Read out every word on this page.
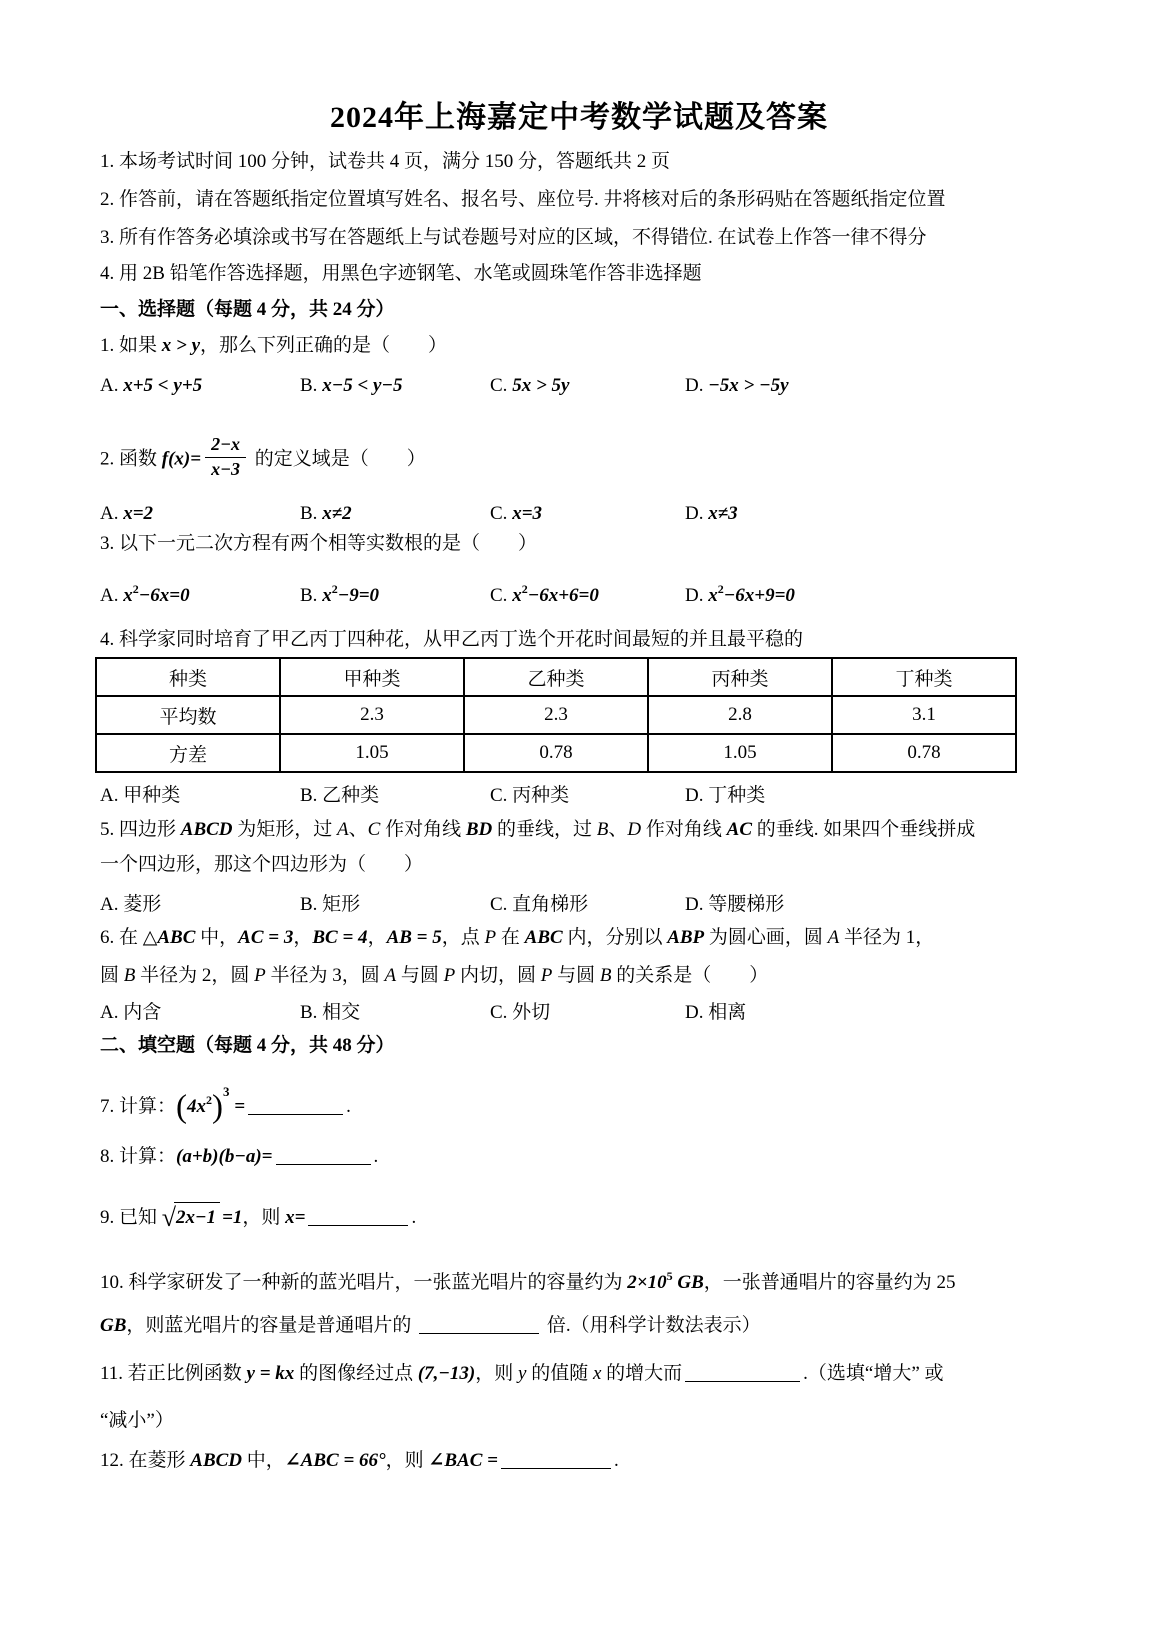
2024年上海嘉定中考数学试题及答案
1. 本场考试时间 100 分钟，试卷共 4 页，满分 150 分，答题纸共 2 页
2. 作答前，请在答题纸指定位置填写姓名、报名号、座位号. 井将核对后的条形码贴在答题纸指定位置
3. 所有作答务必填涂或书写在答题纸上与试卷题号对应的区域，不得错位. 在试卷上作答一律不得分
4. 用 2B 铅笔作答选择题，用黑色字迹钢笔、水笔或圆珠笔作答非选择题
一、选择题（每题 4 分，共 24 分）
1. 如果 x > y，那么下列正确的是（　　）
A. x+5 < y+5	B. x−5 < y−5	C. 5x > 5y	D. −5x > −5y
2. 函数 $f(x)= \frac{2-x}{x-3}$ 的定义域是（　　）
A. x=2	B. x≠2	C. x=3	D. x≠3
3. 以下一元二次方程有两个相等实数根的是（　　）
A. $x^2-6x=0$	B. $x^2-9=0$	C. $x^2-6x+6=0$	D. $x^2-6x+9=0$
4. 科学家同时培育了甲乙丙丁四种花，从甲乙丙丁选个开花时间最短的并且最平稳的
种类	甲种类	乙种类	丙种类	丁种类
平均数	2.3	2.3	2.8	3.1
方差	1.05	0.78	1.05	0.78
A. 甲种类	B. 乙种类	C. 丙种类	D. 丁种类
5. 四边形 ABCD 为矩形，过 A、C 作对角线 BD 的垂线，过 B、D 作对角线 AC 的垂线. 如果四个垂线拼成
一个四边形，那这个四边形为（　　）
A. 菱形	B. 矩形	C. 直角梯形	D. 等腰梯形
6. 在 △ABC 中，AC = 3，BC = 4，AB = 5，点 P 在 ABC 内，分别以 ABP 为圆心画，圆 A 半径为 1，
圆 B 半径为 2，圆 P 半径为 3，圆 A 与圆 P 内切，圆 P 与圆 B 的关系是（　　）
A. 内含	B. 相交	C. 外切	D. 相离
二、填空题（每题 4 分，共 48 分）
7. 计算：$(4x^2)^3$ =	.
8. 计算：(a+b)(b−a)=	.
9. 已知 √2x−1 =1，则 x=	.
10. 科学家研发了一种新的蓝光唱片，一张蓝光唱片的容量约为 $2\times 10^5$ GB，一张普通唱片的容量约为 25
GB，则蓝光唱片的容量是普通唱片的	倍.（用科学计数法表示）
11. 若正比例函数 y = kx 的图像经过点 (7,−13)，则 y 的值随 x 的增大而	.（选填“增大” 或
“减小”）
12. 在菱形 ABCD 中，∠ABC = 66°，则 ∠BAC =	.
